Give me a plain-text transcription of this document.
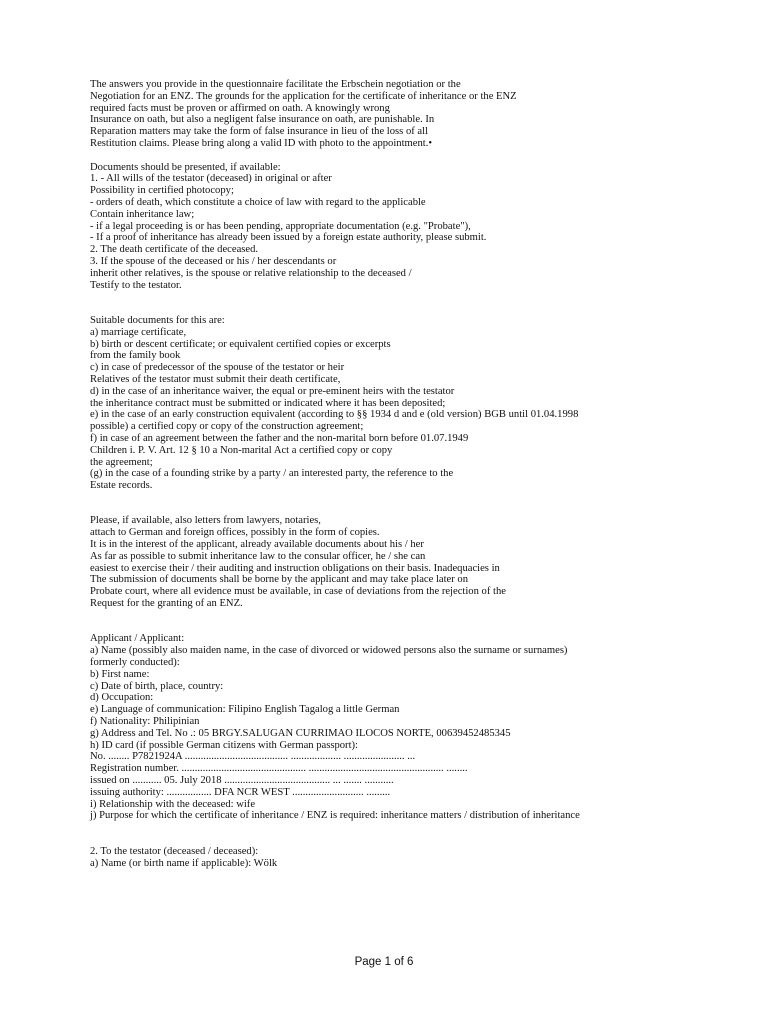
The answers you provide in the questionnaire facilitate the Erbschein negotiation or the
Negotiation for an ENZ. The grounds for the application for the certificate of inheritance or the ENZ
required facts must be proven or affirmed on oath. A knowingly wrong
Insurance on oath, but also a negligent false insurance on oath, are punishable. In
Reparation matters may take the form of false insurance in lieu of the loss of all
Restitution claims. Please bring along a valid ID with photo to the appointment.•
Documents should be presented, if available:
1. - All wills of the testator (deceased) in original or after
Possibility in certified photocopy;
- orders of death, which constitute a choice of law with regard to the applicable
Contain inheritance law;
- if a legal proceeding is or has been pending, appropriate documentation (e.g. "Probate"),
- If a proof of inheritance has already been issued by a foreign estate authority, please submit.
2. The death certificate of the deceased.
3. If the spouse of the deceased or his / her descendants or
inherit other relatives, is the spouse or relative relationship to the deceased /
Testify to the testator.
Suitable documents for this are:
a) marriage certificate,
b) birth or descent certificate; or equivalent certified copies or excerpts
from the family book
c) in case of predecessor of the spouse of the testator or heir
Relatives of the testator must submit their death certificate,
d) in the case of an inheritance waiver, the equal or pre-eminent heirs with the testator
the inheritance contract must be submitted or indicated where it has been deposited;
e) in the case of an early construction equivalent (according to §§ 1934 d and e (old version) BGB until 01.04.1998
possible) a certified copy or copy of the construction agreement;
f) in case of an agreement between the father and the non-marital born before 01.07.1949
Children i. P. V. Art. 12 § 10 a Non-marital Act a certified copy or copy
the agreement;
(g) in the case of a founding strike by a party / an interested party, the reference to the
Estate records.
Please, if available, also letters from lawyers, notaries,
attach to German and foreign offices, possibly in the form of copies.
It is in the interest of the applicant, already available documents about his / her
As far as possible to submit inheritance law to the consular officer, he / she can
easiest to exercise their / their auditing and instruction obligations on their basis. Inadequacies in
The submission of documents shall be borne by the applicant and may take place later on
Probate court, where all evidence must be available, in case of deviations from the rejection of the
Request for the granting of an ENZ.
Applicant / Applicant:
a) Name (possibly also maiden name, in the case of divorced or widowed persons also the surname or surnames)
formerly conducted):
b) First name:
c) Date of birth, place, country:
d) Occupation:
e) Language of communication: Filipino English Tagalog a little German
f) Nationality: Philipinian
g) Address and Tel. No .: 05 BRGY.SALUGAN CURRIMAO ILOCOS NORTE, 00639452485345
h) ID card (if possible German citizens with German passport):
No. ........ P7821924A ....................................... ................... ....................... ...
Registration number. ............................................... ................................................... ........
issued on ........... 05. July 2018 ........................................ ... ....... ...........
issuing authority: ................. DFA NCR WEST ........................... .........
i) Relationship with the deceased: wife
j) Purpose for which the certificate of inheritance / ENZ is required: inheritance matters / distribution of inheritance
2. To the testator (deceased / deceased):
a) Name (or birth name if applicable): Wölk
Page 1 of 6
